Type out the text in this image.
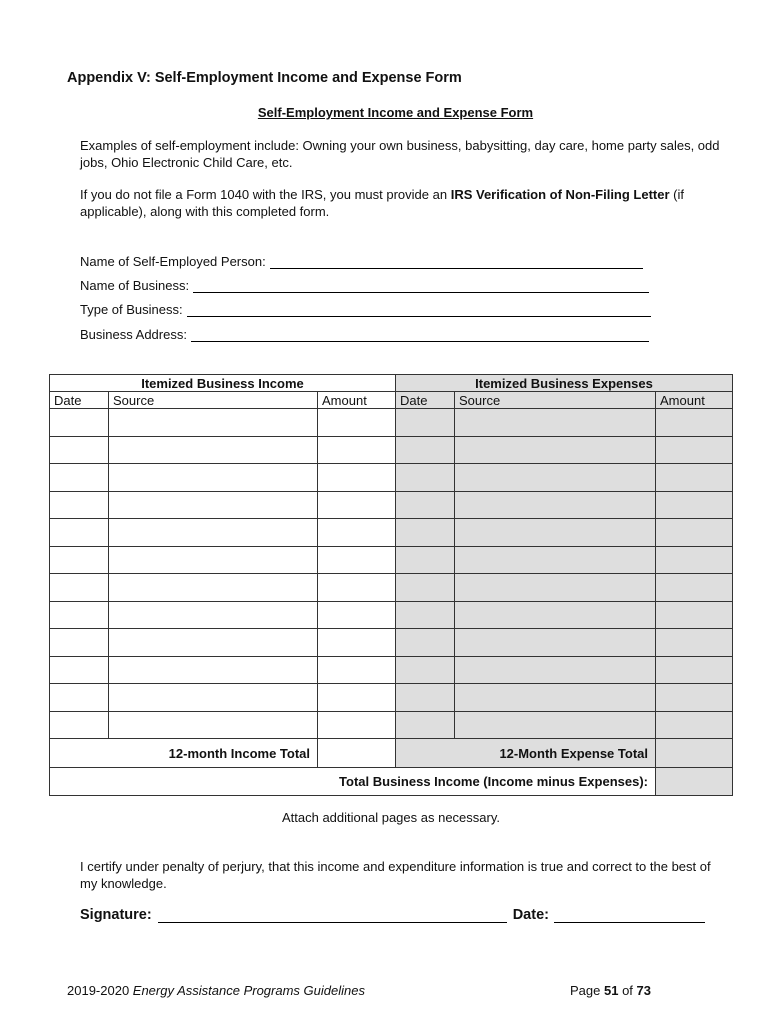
Appendix V: Self-Employment Income and Expense Form
Self-Employment Income and Expense Form
Examples of self-employment include: Owning your own business, babysitting, day care, home party sales, odd jobs, Ohio Electronic Child Care, etc.
If you do not file a Form 1040 with the IRS, you must provide an IRS Verification of Non-Filing Letter (if applicable), along with this completed form.
Name of Self-Employed Person:
Name of Business:
Type of Business:
Business Address:
Itemized Business Income			Itemized Business Expenses		
Date	Source	Amount	Date	Source	Amount

12-month Income Total			12-Month Expense Total		
Total Business Income (Income minus Expenses):					
Attach additional pages as necessary.
I certify under penalty of perjury, that this income and expenditure information is true and correct to the best of my knowledge.
Signature:	Date:
2019-2020 Energy Assistance Programs Guidelines	Page 51 of 73
